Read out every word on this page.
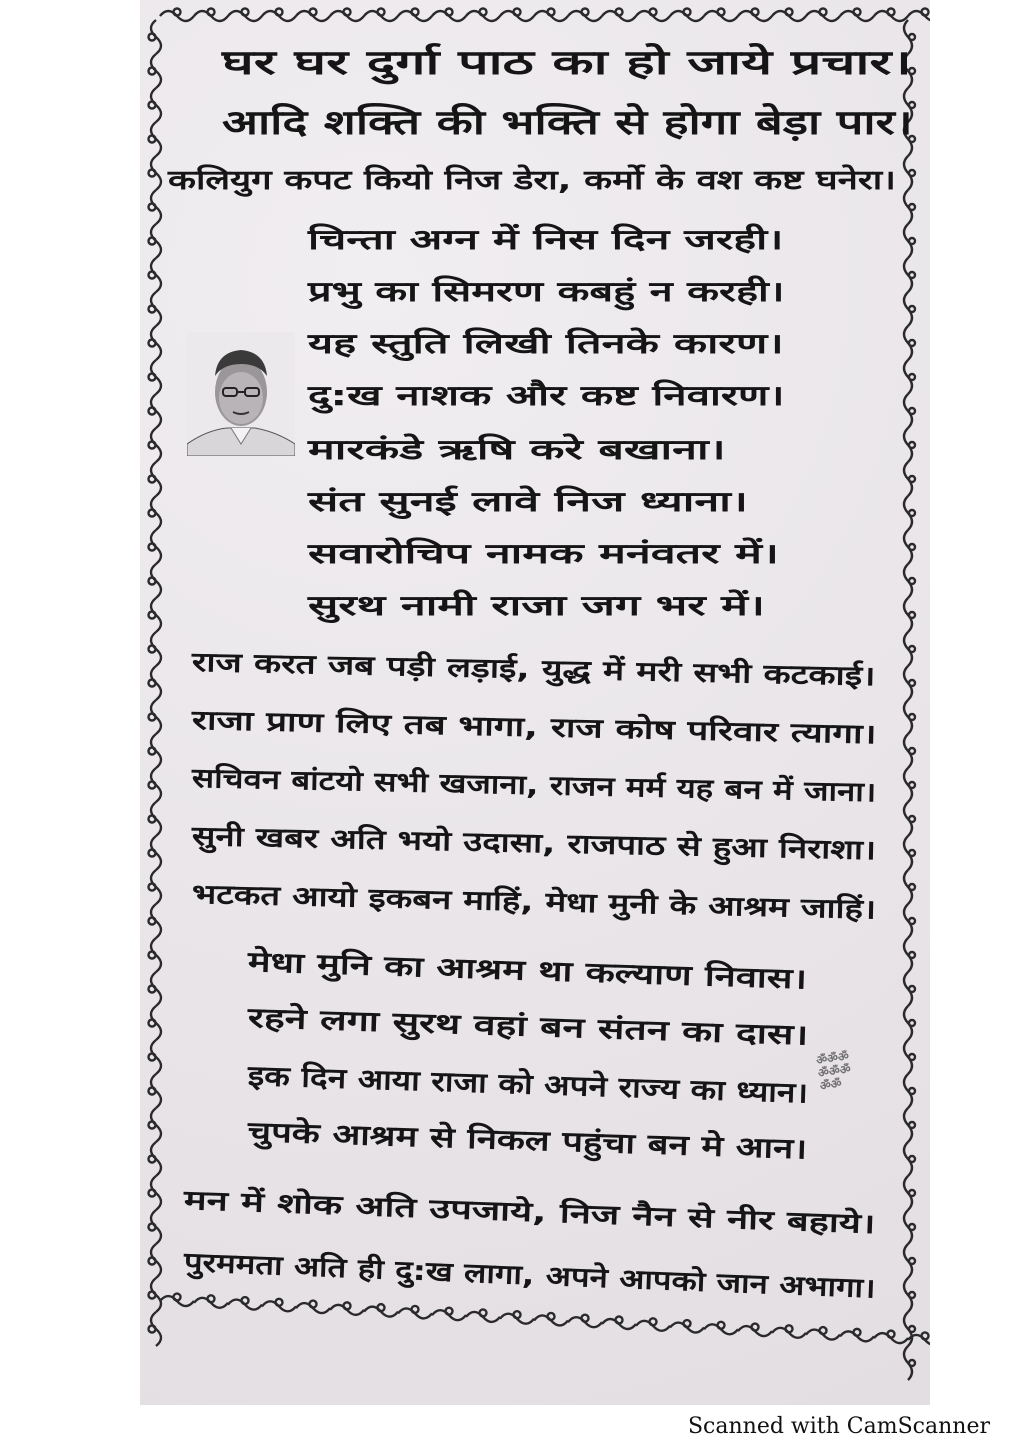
घर घर दुर्गा पाठ का हो जाये प्रचार।
आदि शक्ति की भक्ति से होगा बेड़ा पार।
कलियुग कपट कियो निज डेरा, कर्मो के वश कष्ट घनेरा।
चिन्ता अग्न में निस दिन जरही।
प्रभु का सिमरण कबहुं न करही।
यह स्तुति लिखी तिनके कारण।
दु:ख नाशक और कष्ट निवारण।
मारकंडे ऋषि करे बखाना।
संत सुनई लावे निज ध्याना।
सवारोचिप नामक मनंवतर में।
सुरथ नामी राजा जग भर में।
राज करत जब पड़ी लड़ाई, युद्ध में मरी सभी कटकाई।
राजा प्राण लिए तब भागा, राज कोष परिवार त्यागा।
सचिवन बांटयो सभी खजाना, राजन मर्म यह बन में जाना।
सुनी खबर अति भयो उदासा, राजपाठ से हुआ निराशा।
भटकत आयो इकबन माहिं, मेधा मुनी के आश्रम जाहिं।
मेधा मुनि का आश्रम था कल्याण निवास।
रहने लगा सुरथ वहां बन संतन का दास।
इक दिन आया राजा को अपने राज्य का ध्यान।
चुपके आश्रम से निकल पहुंचा बन मे आन।
मन में शोक अति उपजाये, निज नैन से नीर बहाये।
पुरममता अति ही दु:ख लागा, अपने आपको जान अभागा।
ॐॐॐ
ॐॐॐ
ॐॐ
Scanned with CamScanner
